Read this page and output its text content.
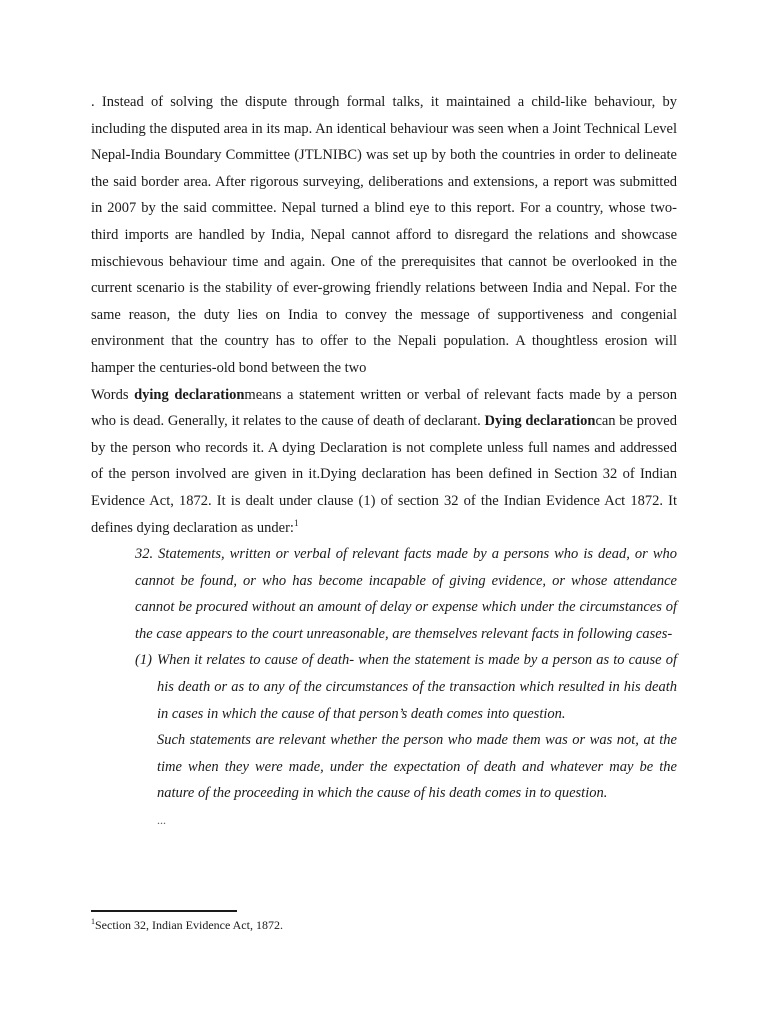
. Instead of solving the dispute through formal talks, it maintained a child-like behaviour, by including the disputed area in its map. An identical behaviour was seen when a Joint Technical Level Nepal-India Boundary Committee (JTLNIBC) was set up by both the countries in order to delineate the said border area. After rigorous surveying, deliberations and extensions, a report was submitted in 2007 by the said committee. Nepal turned a blind eye to this report. For a country, whose two-third imports are handled by India, Nepal cannot afford to disregard the relations and showcase mischievous behaviour time and again. One of the prerequisites that cannot be overlooked in the current scenario is the stability of ever-growing friendly relations between India and Nepal. For the same reason, the duty lies on India to convey the message of supportiveness and congenial environment that the country has to offer to the Nepali population. A thoughtless erosion will hamper the centuries-old bond between the two

Words dying declarationmeans a statement written or verbal of relevant facts made by a person who is dead. Generally, it relates to the cause of death of declarant. Dying declarationcan be proved by the person who records it. A dying Declaration is not complete unless full names and addressed of the person involved are given in it.Dying declaration has been defined in Section 32 of Indian Evidence Act, 1872. It is dealt under clause (1) of section 32 of the Indian Evidence Act 1872. It defines dying declaration as under:$^1$

32. Statements, written or verbal of relevant facts made by a persons who is dead, or who cannot be found, or who has become incapable of giving evidence, or whose attendance cannot be procured without an amount of delay or expense which under the circumstances of the case appears to the court unreasonable, are themselves relevant facts in following cases-

(1) When it relates to cause of death- when the statement is made by a person as to cause of his death or as to any of the circumstances of the transaction which resulted in his death in cases in which the cause of that person’s death comes into question.

Such statements are relevant whether the person who made them was or was not, at the time when they were made, under the expectation of death and whatever may be the nature of the proceeding in which the cause of his death comes in to question.

...

$^1$Section 32, Indian Evidence Act, 1872.
